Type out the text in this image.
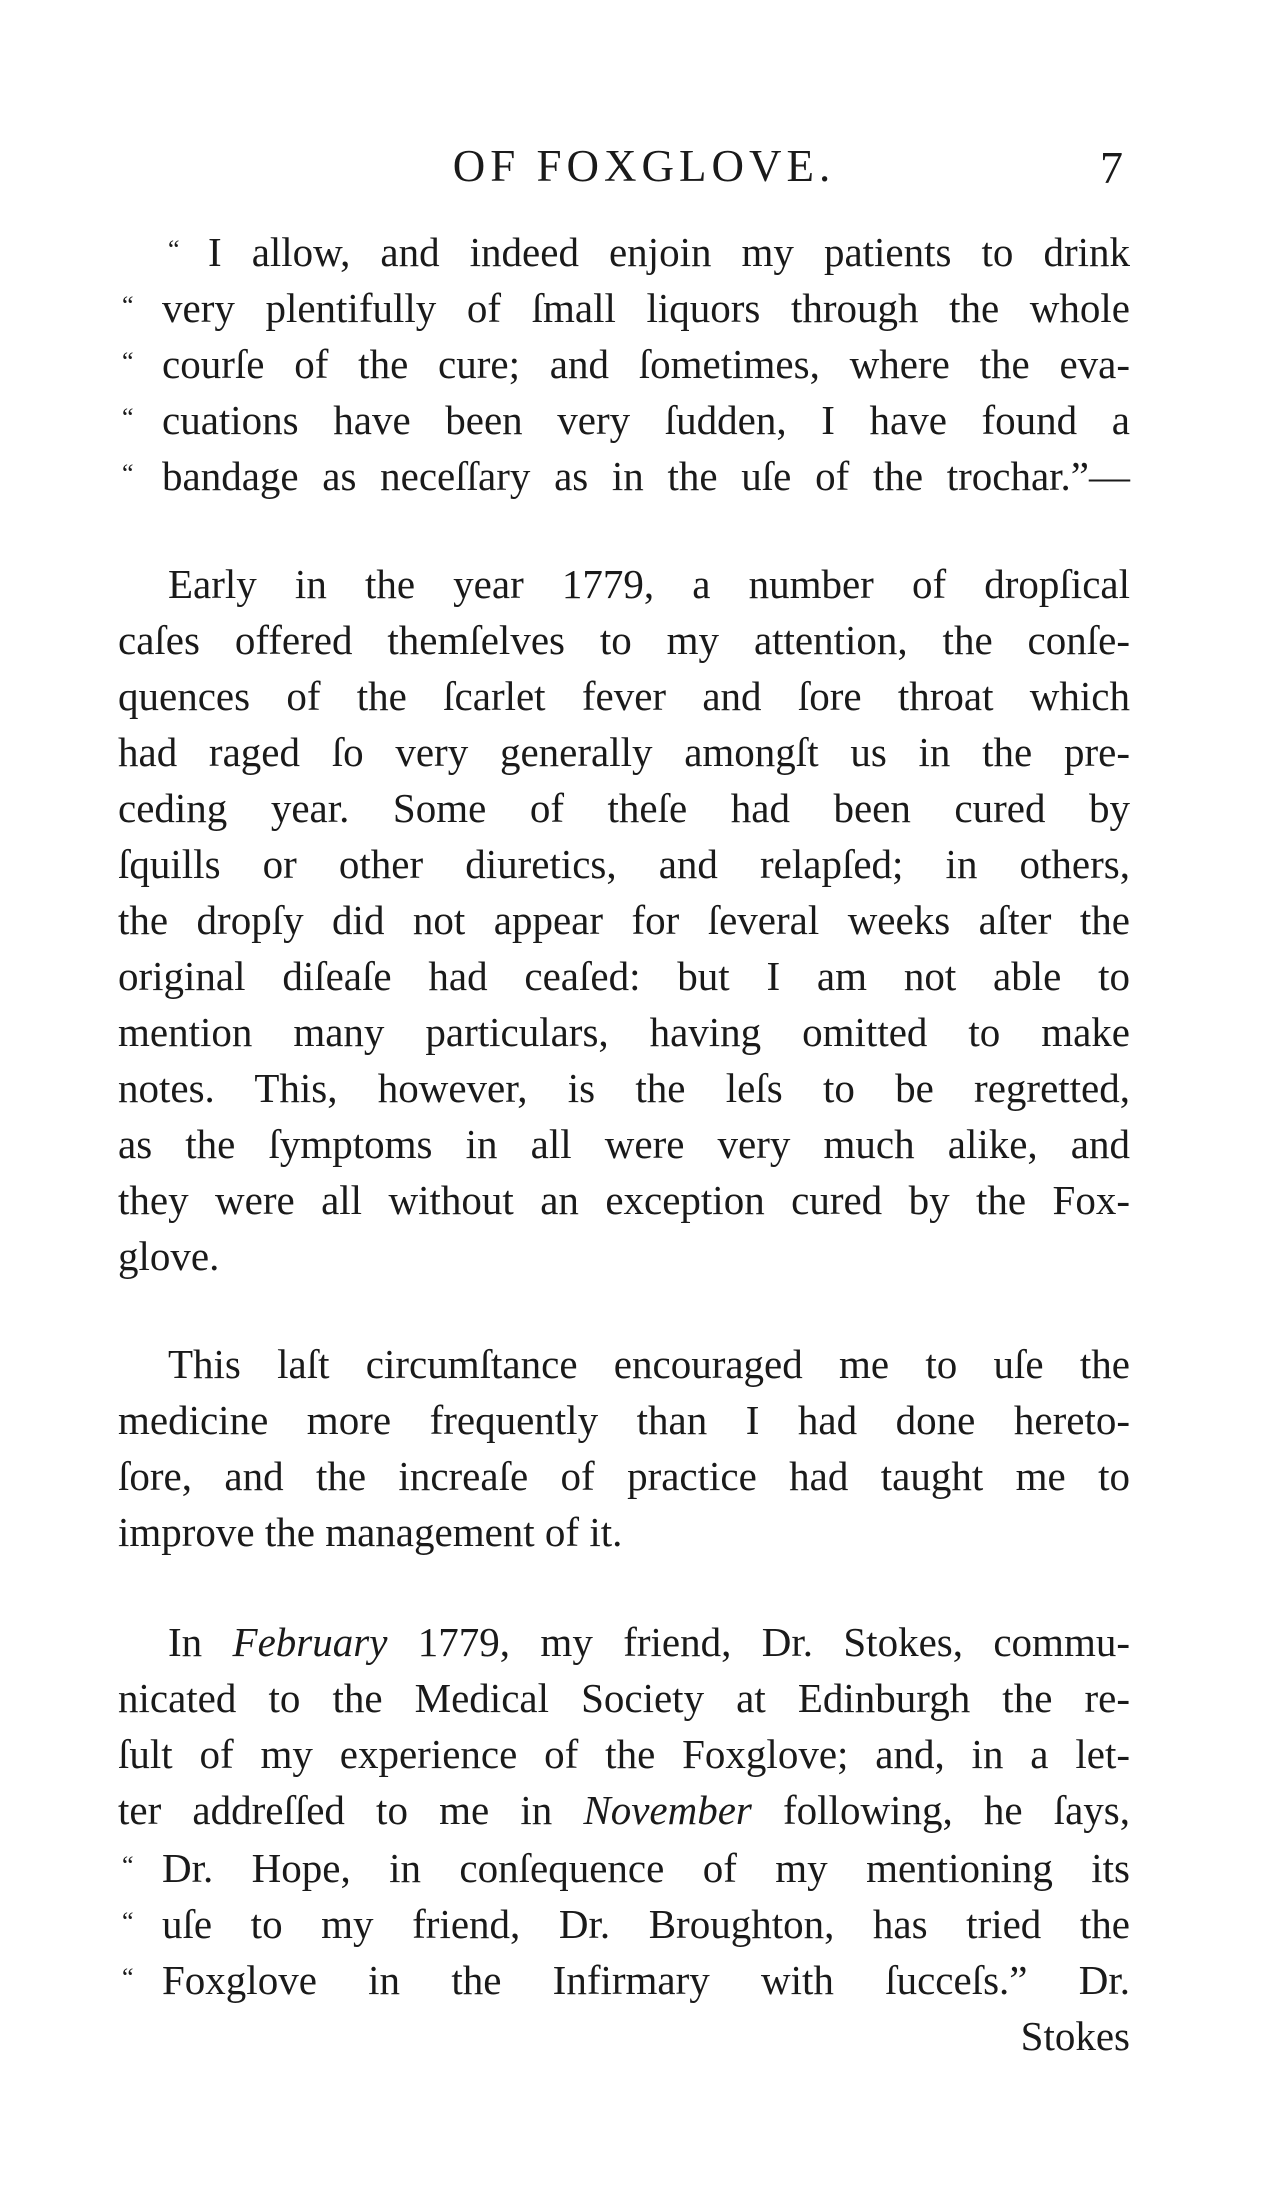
OF FOXGLOVE.	7
“ I allow, and indeed enjoin my patients to drink
“ very plentifully of ſmall liquors through the whole
“ courſe of the cure; and ſometimes, where the eva-
“ cuations have been very ſudden, I have found a
“ bandage as neceſſary as in the uſe of the trochar.”—
Early in the year 1779, a number of dropſical
caſes offered themſelves to my attention, the conſe-
quences of the ſcarlet fever and ſore throat which
had raged ſo very generally amongſt us in the pre-
ceding year. Some of theſe had been cured by
ſquills or other diuretics, and relapſed; in others,
the dropſy did not appear for ſeveral weeks aſter the
original diſeaſe had ceaſed: but I am not able to
mention many particulars, having omitted to make
notes. This, however, is the leſs to be regretted,
as the ſymptoms in all were very much alike, and
they were all without an exception cured by the Fox-
glove.
This laſt circumſtance encouraged me to uſe the
medicine more frequently than I had done hereto-
ſore, and the increaſe of practice had taught me to
improve the management of it.
In February 1779, my friend, Dr. Stokes, commu-
nicated to the Medical Society at Edinburgh the re-
ſult of my experience of the Foxglove; and, in a let-
ter addreſſed to me in November following, he ſays,
“ Dr. Hope, in conſequence of my mentioning its
“ uſe to my friend, Dr. Broughton, has tried the
“ Foxglove in the Infirmary with ſucceſs.” Dr.
Stokes
